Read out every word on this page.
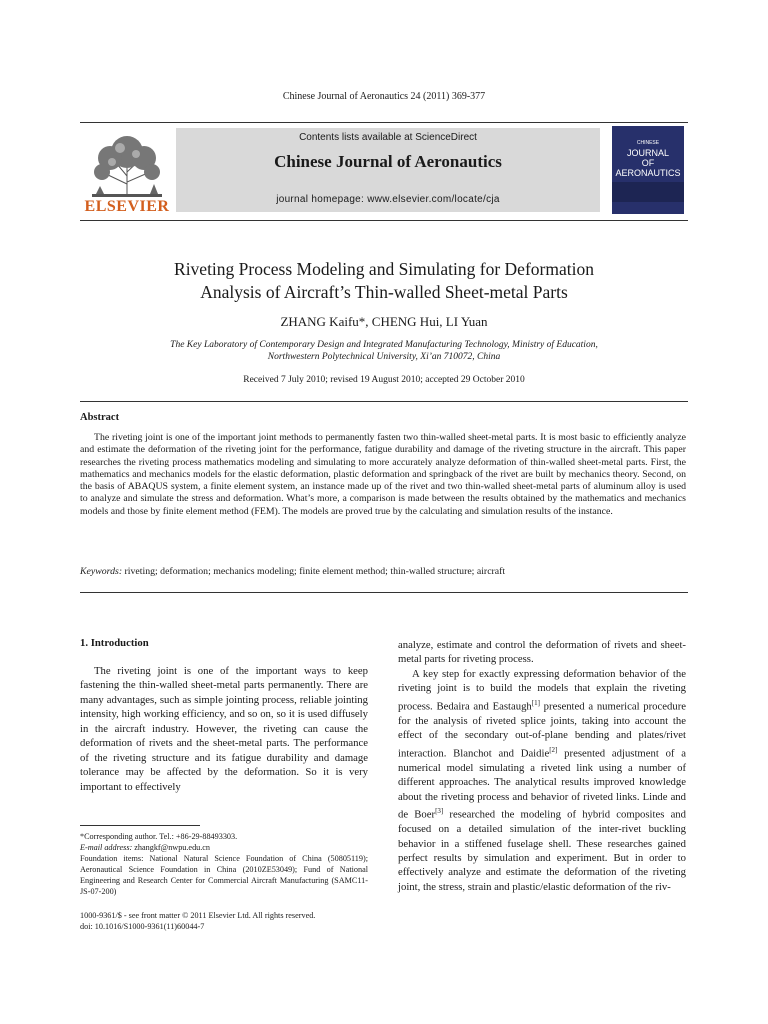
Chinese Journal of Aeronautics 24 (2011) 369-377
ELSEVIER
Contents lists available at ScienceDirect
Chinese Journal of Aeronautics
journal homepage: www.elsevier.com/locate/cja
CHINESE
JOURNAL
OF
AERONAUTICS
Riveting Process Modeling and Simulating for Deformation
Analysis of Aircraft’s Thin-walled Sheet-metal Parts
ZHANG Kaifu*, CHENG Hui, LI Yuan
The Key Laboratory of Contemporary Design and Integrated Manufacturing Technology, Ministry of Education,
Northwestern Polytechnical University, Xi’an 710072, China
Received 7 July 2010; revised 19 August 2010; accepted 29 October 2010
Abstract
The riveting joint is one of the important joint methods to permanently fasten two thin-walled sheet-metal parts. It is most basic to efficiently analyze and estimate the deformation of the riveting joint for the performance, fatigue durability and damage of the riveting structure in the aircraft. This paper researches the riveting process mathematics modeling and simulating to more accurately analyze deformation of thin-walled sheet-metal parts. First, the mathematics and mechanics models for the elastic deformation, plastic deformation and springback of the rivet are built by mechanics theory. Second, on the basis of ABAQUS system, a finite element system, an instance made up of the rivet and two thin-walled sheet-metal parts of aluminum alloy is used to analyze and simulate the stress and deformation. What’s more, a comparison is made between the results obtained by the mathematics and mechanics models and those by finite element method (FEM). The models are proved true by the calculating and simulation results of the instance.
Keywords: riveting; deformation; mechanics modeling; finite element method; thin-walled structure; aircraft
1. Introduction

The riveting joint is one of the important ways to keep fastening the thin-walled sheet-metal parts permanently. There are many advantages, such as simple jointing process, reliable jointing intensity, high working efficiency, and so on, so it is used diffusely in the aircraft industry. However, the riveting can cause the deformation of rivets and the sheet-metal parts. The performance of the riveting structure and its fatigue durability and damage tolerance may be affected by the deformation. So it is very important to effectively

*Corresponding author. Tel.: +86-29-88493303.
E-mail address: zhangkf@nwpu.edu.cn
Foundation items: National Natural Science Foundation of China (50805119); Aeronautical Science Foundation in China (2010ZE53049); Fund of National Engineering and Research Center for Commercial Aircraft Manufacturing (SAMC11-JS-07-200)
1000-9361/$ - see front matter © 2011 Elsevier Ltd. All rights reserved.
doi: 10.1016/S1000-9361(11)60044-7

analyze, estimate and control the deformation of rivets and sheet-metal parts for riveting process.

A key step for exactly expressing deformation behavior of the riveting joint is to build the models that explain the riveting process. Bedaira and Eastaugh[1] presented a numerical procedure for the analysis of riveted splice joints, taking into account the effect of the secondary out-of-plane bending and plates/rivet interaction. Blanchot and Daidie[2] presented adjustment of a numerical model simulating a riveted link using a number of different approaches. The analytical results improved knowledge about the riveting process and behavior of riveted links. Linde and de Boer[3] researched the modeling of hybrid composites and focused on a detailed simulation of the inter-rivet buckling behavior in a stiffened fuselage shell. These researches gained perfect results by simulation and experiment. But in order to effectively analyze and estimate the deformation of the riveting joint, the stress, strain and plastic/elastic deformation of the riv-
